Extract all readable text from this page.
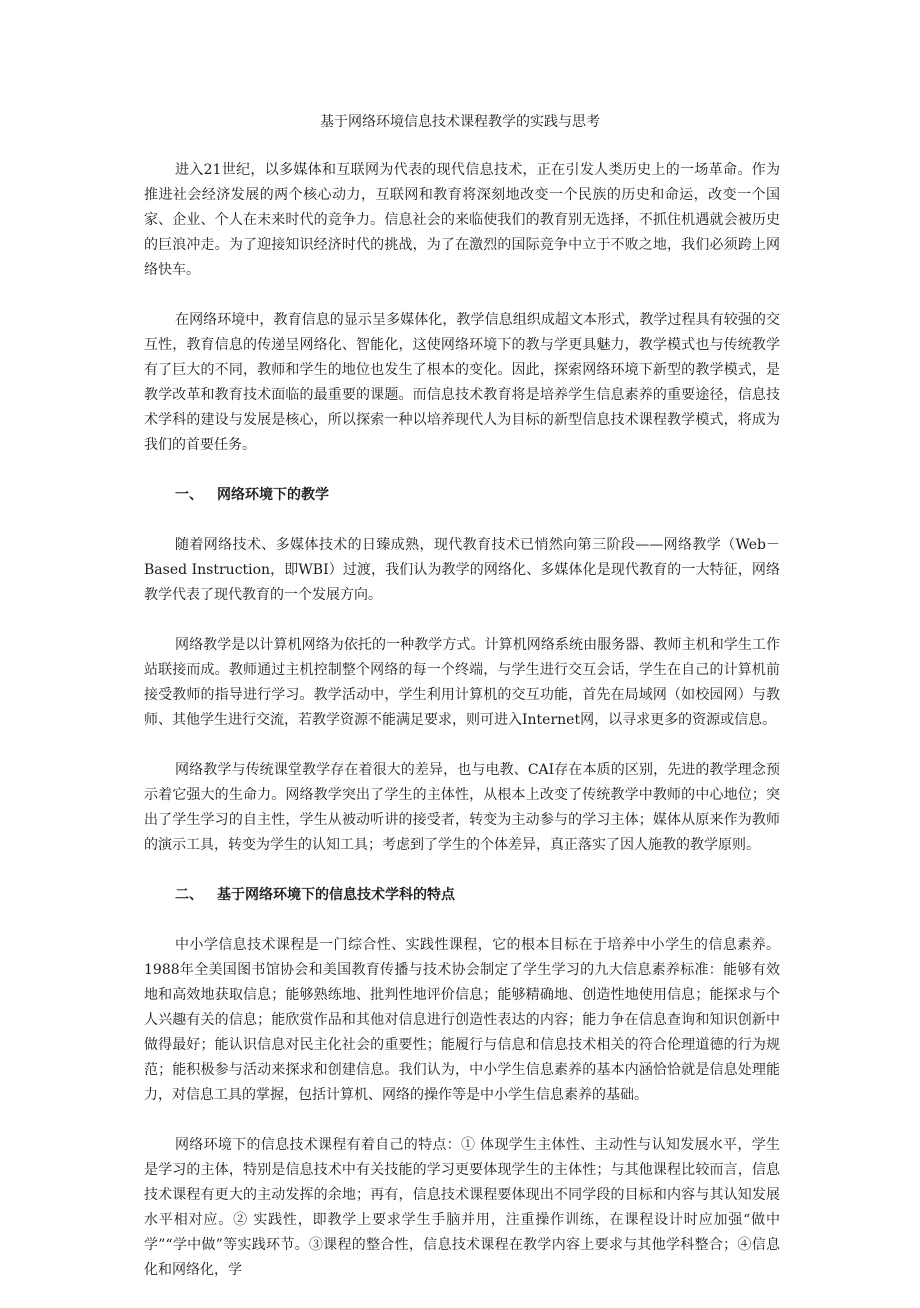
基于网络环境信息技术课程教学的实践与思考

进入21世纪，以多媒体和互联网为代表的现代信息技术，正在引发人类历史上的一场革命。作为推进社会经济发展的两个核心动力，互联网和教育将深刻地改变一个民族的历史和命运，改变一个国家、企业、个人在未来时代的竞争力。信息社会的来临使我们的教育别无选择，不抓住机遇就会被历史的巨浪冲走。为了迎接知识经济时代的挑战，为了在激烈的国际竞争中立于不败之地，我们必须跨上网络快车。

在网络环境中，教育信息的显示呈多媒体化，教学信息组织成超文本形式，教学过程具有较强的交互性，教育信息的传递呈网络化、智能化，这使网络环境下的教与学更具魅力，教学模式也与传统教学有了巨大的不同，教师和学生的地位也发生了根本的变化。因此，探索网络环境下新型的教学模式，是教学改革和教育技术面临的最重要的课题。而信息技术教育将是培养学生信息素养的重要途径，信息技术学科的建设与发展是核心，所以探索一种以培养现代人为目标的新型信息技术课程教学模式，将成为我们的首要任务。

一、 网络环境下的教学

随着网络技术、多媒体技术的日臻成熟，现代教育技术已悄然向第三阶段——网络教学（Web－Based Instruction，即WBI）过渡，我们认为教学的网络化、多媒体化是现代教育的一大特征，网络教学代表了现代教育的一个发展方向。

网络教学是以计算机网络为依托的一种教学方式。计算机网络系统由服务器、教师主机和学生工作站联接而成。教师通过主机控制整个网络的每一个终端，与学生进行交互会话，学生在自己的计算机前接受教师的指导进行学习。教学活动中，学生利用计算机的交互功能，首先在局域网（如校园网）与教师、其他学生进行交流，若教学资源不能满足要求，则可进入Internet网，以寻求更多的资源或信息。

网络教学与传统课堂教学存在着很大的差异，也与电教、CAI存在本质的区别，先进的教学理念预示着它强大的生命力。网络教学突出了学生的主体性，从根本上改变了传统教学中教师的中心地位；突出了学生学习的自主性，学生从被动听讲的接受者，转变为主动参与的学习主体；媒体从原来作为教师的演示工具，转变为学生的认知工具；考虑到了学生的个体差异，真正落实了因人施教的教学原则。

二、 基于网络环境下的信息技术学科的特点

中小学信息技术课程是一门综合性、实践性课程，它的根本目标在于培养中小学生的信息素养。1988年全美国图书馆协会和美国教育传播与技术协会制定了学生学习的九大信息素养标准：能够有效地和高效地获取信息；能够熟练地、批判性地评价信息；能够精确地、创造性地使用信息；能探求与个人兴趣有关的信息；能欣赏作品和其他对信息进行创造性表达的内容；能力争在信息查询和知识创新中做得最好；能认识信息对民主化社会的重要性；能履行与信息和信息技术相关的符合伦理道德的行为规范；能积极参与活动来探求和创建信息。我们认为，中小学生信息素养的基本内涵恰恰就是信息处理能力，对信息工具的掌握，包括计算机、网络的操作等是中小学生信息素养的基础。

网络环境下的信息技术课程有着自己的特点：① 体现学生主体性、主动性与认知发展水平，学生是学习的主体，特别是信息技术中有关技能的学习更要体现学生的主体性；与其他课程比较而言，信息技术课程有更大的主动发挥的余地；再有，信息技术课程要体现出不同学段的目标和内容与其认知发展水平相对应。② 实践性，即教学上要求学生手脑并用，注重操作训练，在课程设计时应加强“做中学”“学中做”等实践环节。③课程的整合性，信息技术课程在教学内容上要求与其他学科整合；④信息化和网络化，学
